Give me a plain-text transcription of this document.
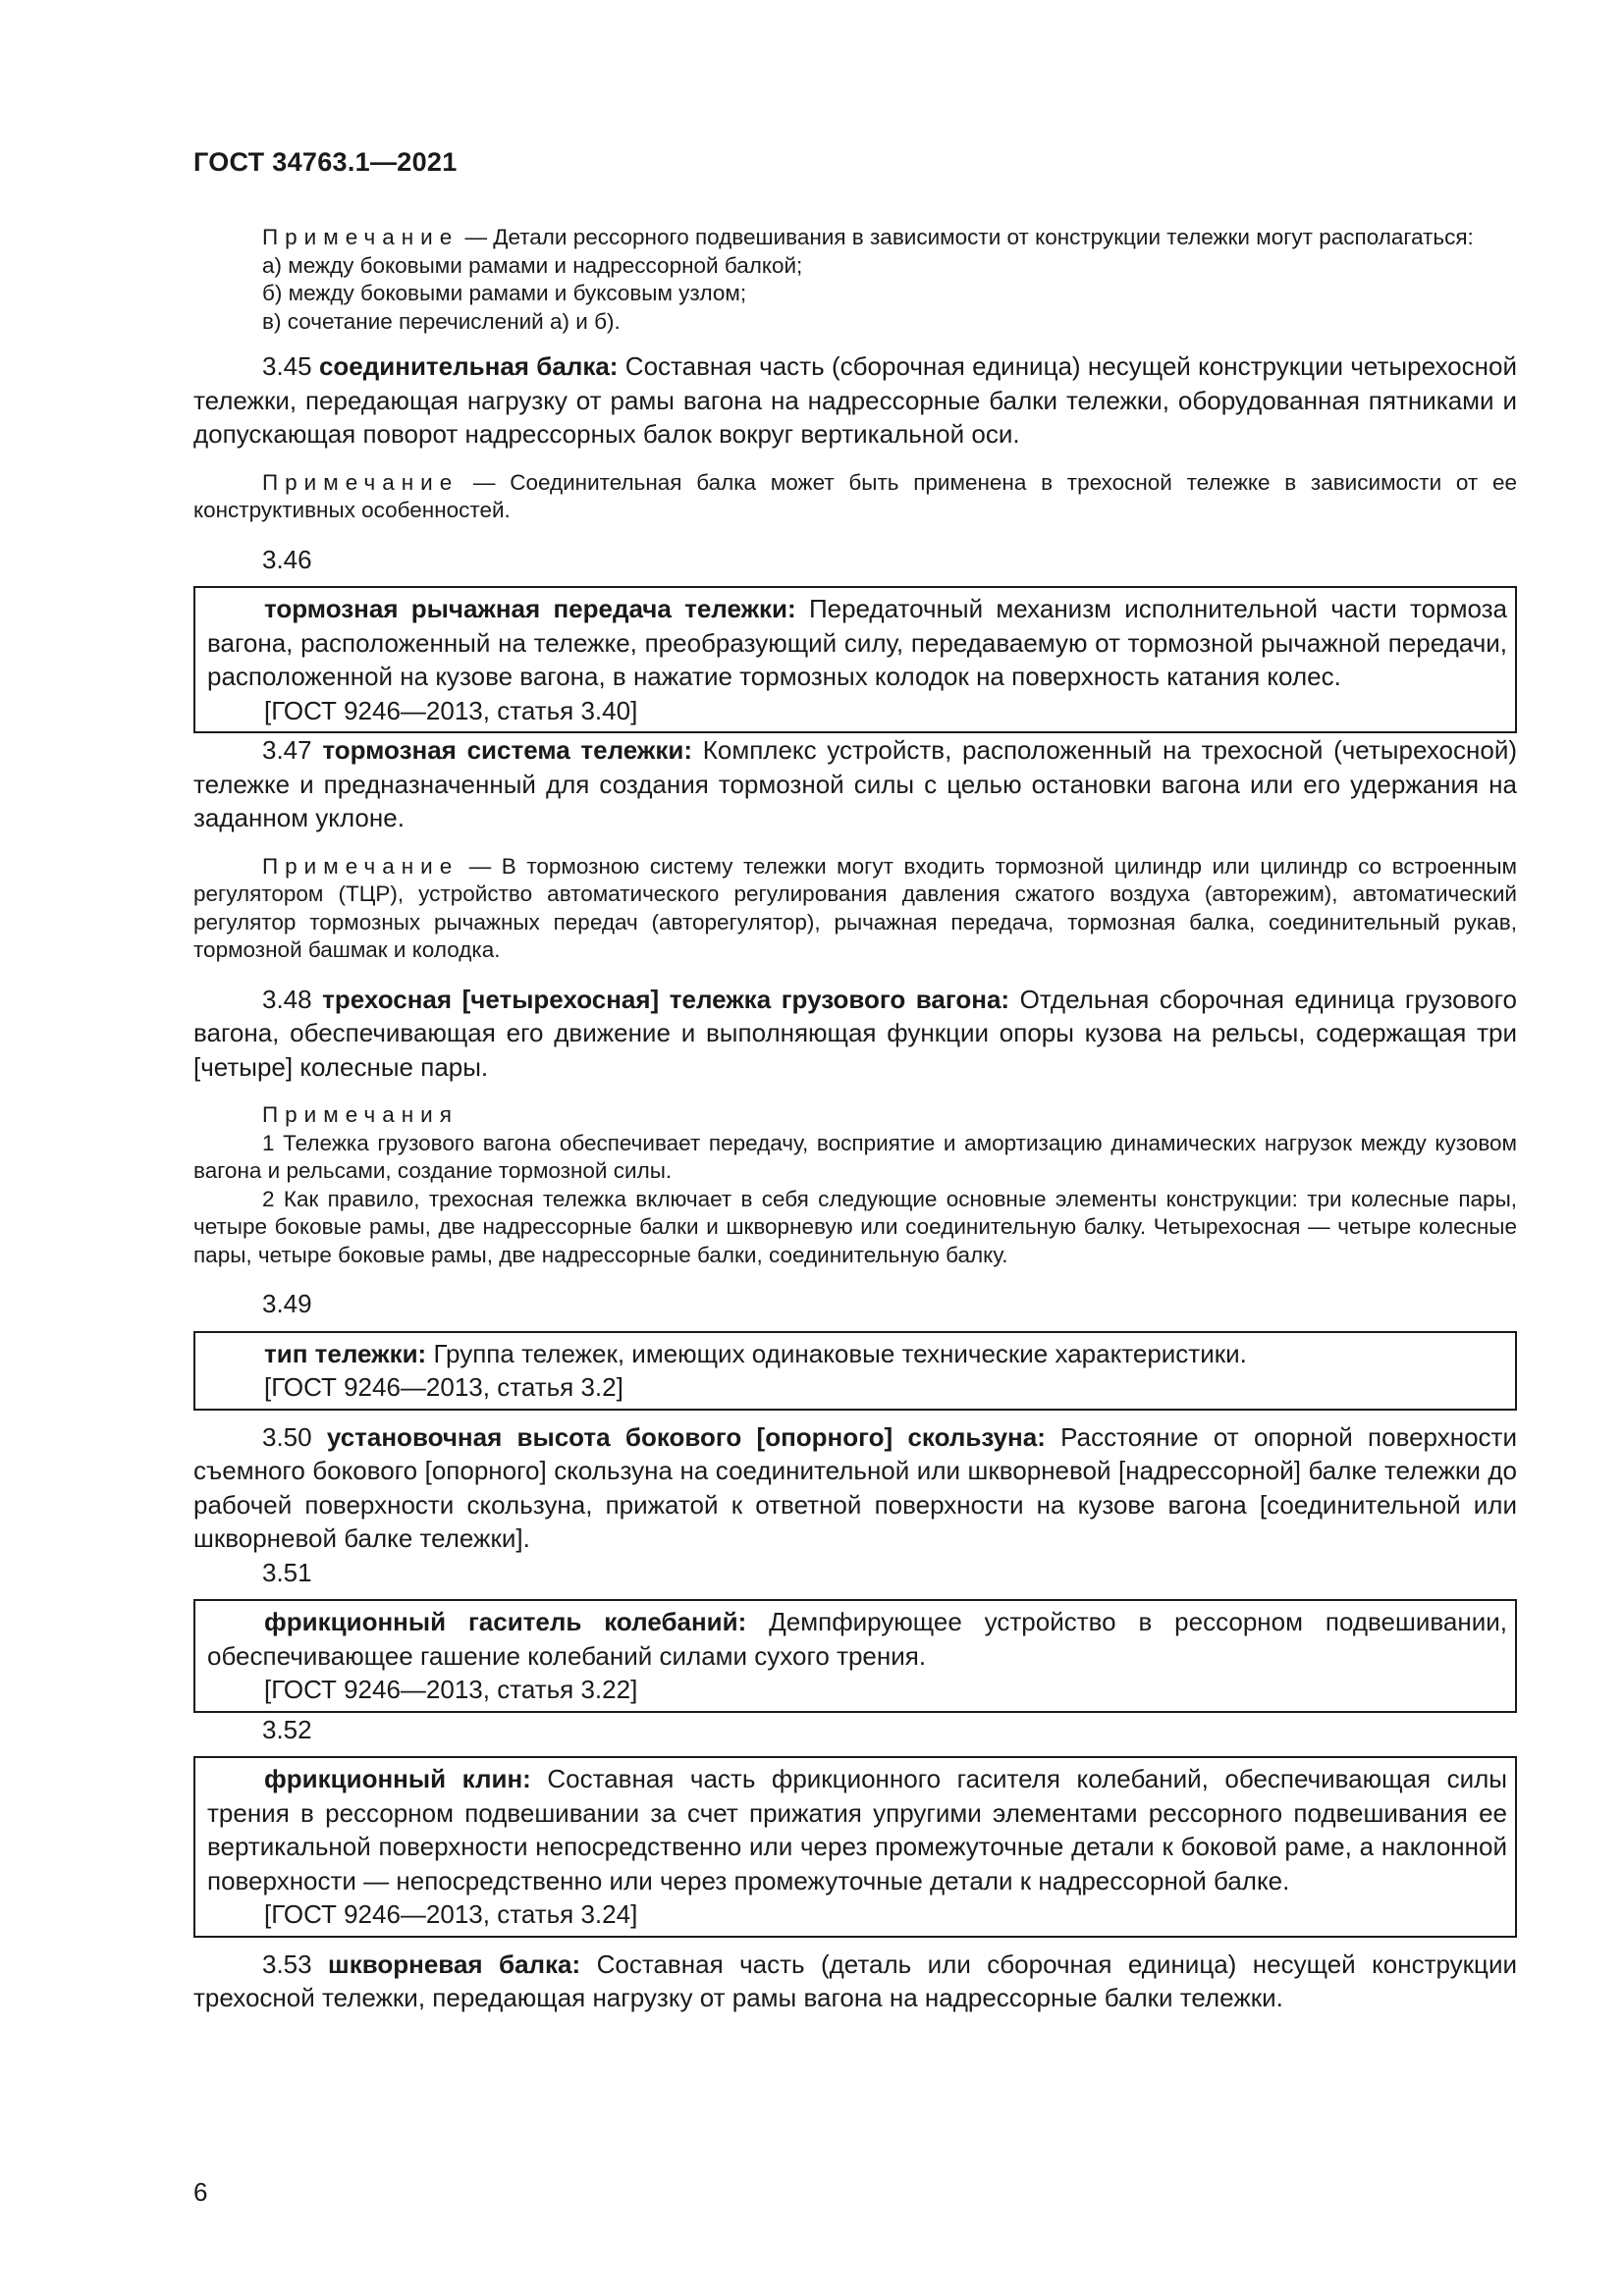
ГОСТ 34763.1—2021

Примечание — Детали рессорного подвешивания в зависимости от конструкции тележки могут располагаться:

а) между боковыми рамами и надрессорной балкой;

б) между боковыми рамами и буксовым узлом;

в) сочетание перечислений а) и б).

3.45 соединительная балка: Составная часть (сборочная единица) несущей конструкции четырехосной тележки, передающая нагрузку от рамы вагона на надрессорные балки тележки, оборудованная пятниками и допускающая поворот надрессорных балок вокруг вертикальной оси.

Примечание — Соединительная балка может быть применена в трехосной тележке в зависимости от ее конструктивных особенностей.

3.46

тормозная рычажная передача тележки: Передаточный механизм исполнительной части тормоза вагона, расположенный на тележке, преобразующий силу, передаваемую от тормозной рычажной передачи, расположенной на кузове вагона, в нажатие тормозных колодок на поверхность катания колес.

[ГОСТ 9246—2013, статья 3.40]

3.47 тормозная система тележки: Комплекс устройств, расположенный на трехосной (четырехосной) тележке и предназначенный для создания тормозной силы с целью остановки вагона или его удержания на заданном уклоне.

Примечание — В тормозною систему тележки могут входить тормозной цилиндр или цилиндр со встроенным регулятором (ТЦР), устройство автоматического регулирования давления сжатого воздуха (авторежим), автоматический регулятор тормозных рычажных передач (авторегулятор), рычажная передача, тормозная балка, соединительный рукав, тормозной башмак и колодка.

3.48 трехосная [четырехосная] тележка грузового вагона: Отдельная сборочная единица грузового вагона, обеспечивающая его движение и выполняющая функции опоры кузова на рельсы, содержащая три [четыре] колесные пары.

Примечания

1 Тележка грузового вагона обеспечивает передачу, восприятие и амортизацию динамических нагрузок между кузовом вагона и рельсами, создание тормозной силы.

2 Как правило, трехосная тележка включает в себя следующие основные элементы конструкции: три колесные пары, четыре боковые рамы, две надрессорные балки и шкворневую или соединительную балку. Четырехосная — четыре колесные пары, четыре боковые рамы, две надрессорные балки, соединительную балку.

3.49

тип тележки: Группа тележек, имеющих одинаковые технические характеристики.

[ГОСТ 9246—2013, статья 3.2]

3.50 установочная высота бокового [опорного] скользуна: Расстояние от опорной поверхности съемного бокового [опорного] скользуна на соединительной или шкворневой [надрессорной] балке тележки до рабочей поверхности скользуна, прижатой к ответной поверхности на кузове вагона [соединительной или шкворневой балке тележки].

3.51

фрикционный гаситель колебаний: Демпфирующее устройство в рессорном подвешивании, обеспечивающее гашение колебаний силами сухого трения.

[ГОСТ 9246—2013, статья 3.22]

3.52

фрикционный клин: Составная часть фрикционного гасителя колебаний, обеспечивающая силы трения в рессорном подвешивании за счет прижатия упругими элементами рессорного подвешивания ее вертикальной поверхности непосредственно или через промежуточные детали к боковой раме, а наклонной поверхности — непосредственно или через промежуточные детали к надрессорной балке.

[ГОСТ 9246—2013, статья 3.24]

3.53 шкворневая балка: Составная часть (деталь или сборочная единица) несущей конструкции трехосной тележки, передающая нагрузку от рамы вагона на надрессорные балки тележки.

6
